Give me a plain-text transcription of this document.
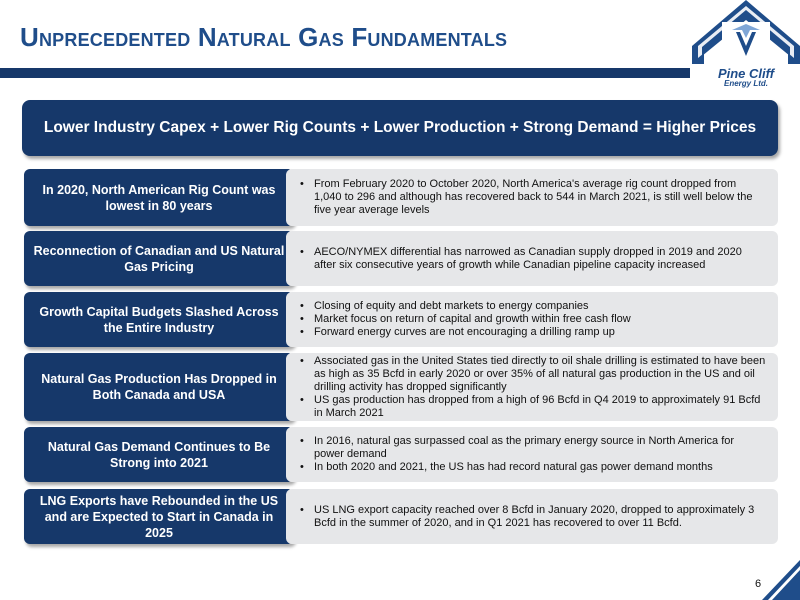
Unprecedented Natural Gas Fundamentals
Pine Cliff
Energy Ltd.
Lower Industry Capex + Lower Rig Counts + Lower Production + Strong Demand = Higher Prices
In 2020, North American Rig Count was lowest in 80 years
• From February 2020 to October 2020, North America's average rig count dropped from 1,040 to 296 and although has recovered back to 544 in March 2021, is still well below the five year average levels
Reconnection of Canadian and US Natural Gas Pricing
• AECO/NYMEX differential has narrowed as Canadian supply dropped in 2019 and 2020 after six consecutive years of growth while Canadian pipeline capacity increased
Growth Capital Budgets Slashed Across the Entire Industry
• Closing of equity and debt markets to energy companies
• Market focus on return of capital and growth within free cash flow
• Forward energy curves are not encouraging a drilling ramp up
Natural Gas Production Has Dropped in Both Canada and USA
• Associated gas in the United States tied directly to oil shale drilling is estimated to have been as high as 35 Bcfd in early 2020 or over 35% of all natural gas production in the US and oil drilling activity has dropped significantly
• US gas production has dropped from a high of 96 Bcfd in Q4 2019 to approximately 91 Bcfd in March 2021
Natural Gas Demand Continues to Be Strong into 2021
• In 2016, natural gas surpassed coal as the primary energy source in North America for power demand
• In both 2020 and 2021, the US has had record natural gas power demand months
LNG Exports have Rebounded in the US and are Expected to Start in Canada in 2025
• US LNG export capacity reached over 8 Bcfd in January 2020, dropped to approximately 3 Bcfd in the summer of 2020, and in Q1 2021 has recovered to over 11 Bcfd.
6
